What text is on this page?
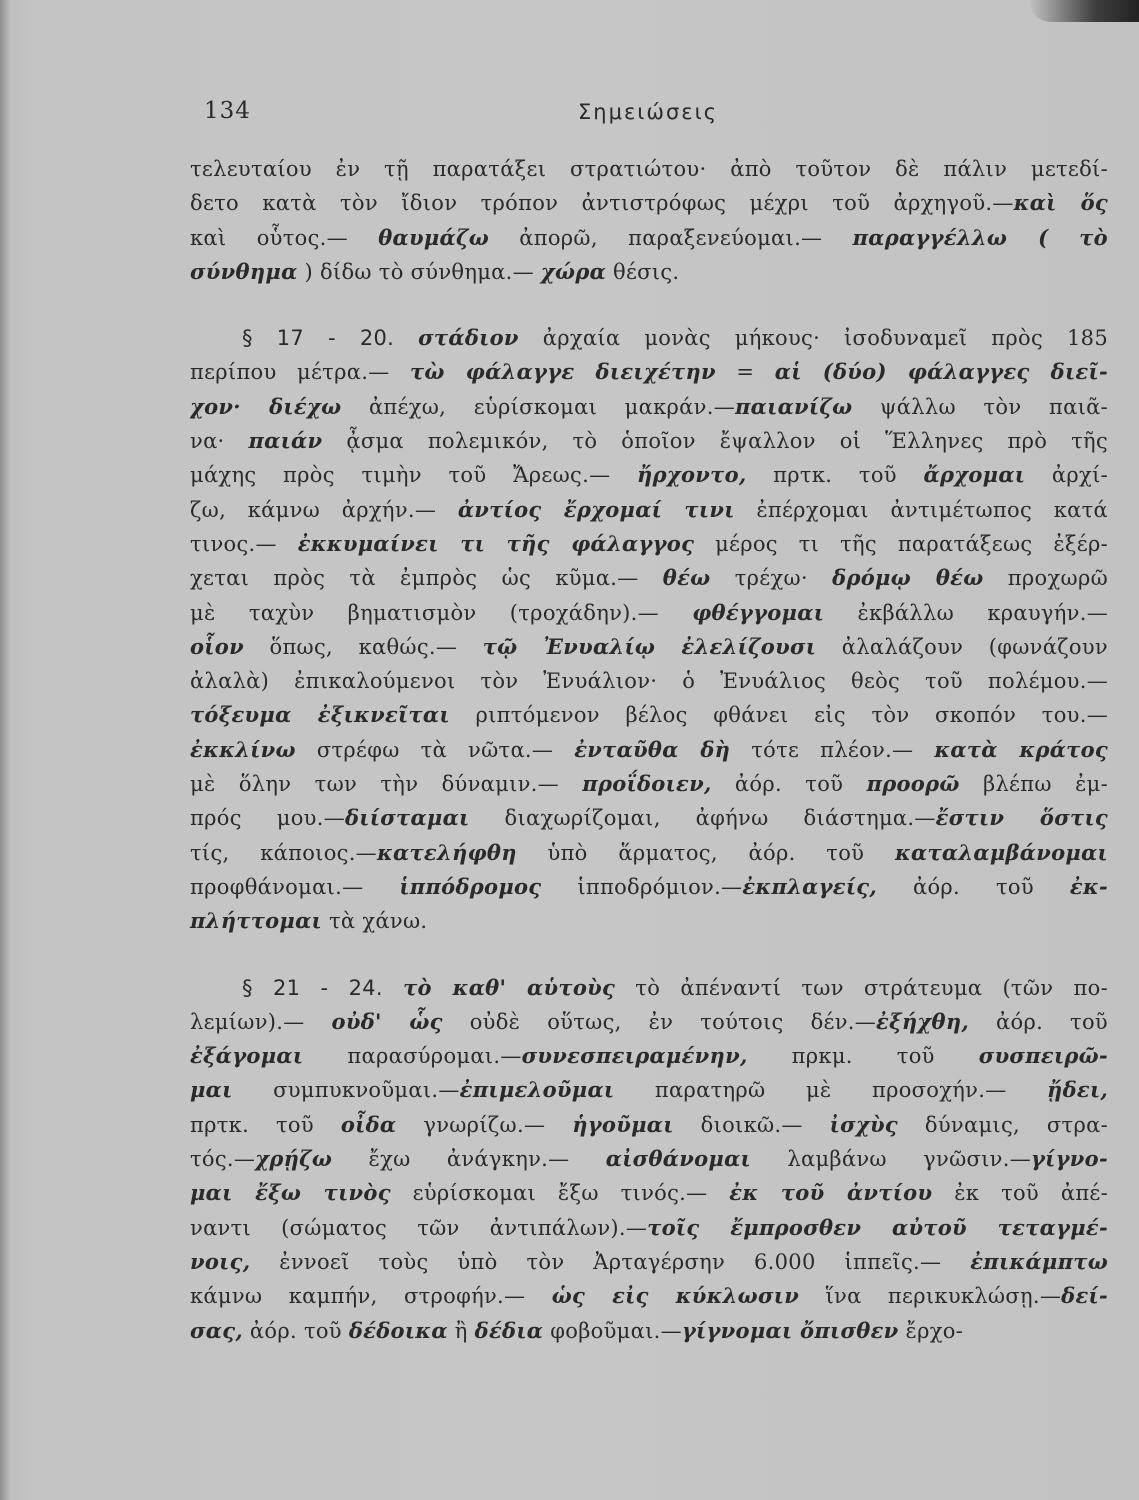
134	Σημειώσεις
τελευταίου ἐν τῇ παρατάξει στρατιώτου· ἀπὸ τοῦτον δὲ πάλιν μετεδί-
δετο κατὰ τὸν ἴδιον τρόπον ἀντιστρόφως μέχρι τοῦ ἀρχηγοῦ.—καὶ ὅς
καὶ οὗτος.— θαυμάζω ἀπορῶ, παραξενεύομαι.— παραγγέλλω ( τὸ
σύνθημα ) δίδω τὸ σύνθημα.— χώρα θέσις.
§ 17 - 20. στάδιον ἀρχαία μονὰς μήκους· ἰσοδυναμεῖ πρὸς 185
περίπου μέτρα.— τὼ φάλαγγε διειχέτην = αἱ (δύο) φάλαγγες διεῖ-
χον· διέχω ἀπέχω, εὑρίσκομαι μακράν.—παιανίζω ψάλλω τὸν παιᾶ-
να· παιάν ᾆσμα πολεμικόν, τὸ ὁποῖον ἔψαλλον οἱ Ἕλληνες πρὸ τῆς
μάχης πρὸς τιμὴν τοῦ Ἄρεως.— ἤρχοντο, πρτκ. τοῦ ἄρχομαι ἀρχί-
ζω, κάμνω ἀρχήν.— ἀντίος ἔρχομαί τινι ἐπέρχομαι ἀντιμέτωπος κατά
τινος.— ἐκκυμαίνει τι τῆς φάλαγγος μέρος τι τῆς παρατάξεως ἐξέρ-
χεται πρὸς τὰ ἐμπρὸς ὡς κῦμα.— θέω τρέχω· δρόμῳ θέω προχωρῶ
μὲ ταχὺν βηματισμὸν (τροχάδην).— φθέγγομαι ἐκβάλλω κραυγήν.—
οἷον ὅπως, καθώς.— τῷ Ἐνυαλίῳ ἐλελίζουσι ἀλαλάζουν (φωνάζουν
ἀλαλὰ) ἐπικαλούμενοι τὸν Ἐνυάλιον· ὁ Ἐνυάλιος θεὸς τοῦ πολέμου.—
τόξευμα ἐξικνεῖται ριπτόμενον βέλος φθάνει εἰς τὸν σκοπόν του.—
ἐκκλίνω στρέφω τὰ νῶτα.— ἐνταῦθα δὴ τότε πλέον.— κατὰ κράτος
μὲ ὅλην των τὴν δύναμιν.— προΐδοιεν, ἀόρ. τοῦ προορῶ βλέπω ἐμ-
πρός μου.—διίσταμαι διαχωρίζομαι, ἀφήνω διάστημα.—ἔστιν ὅστις
τίς, κάποιος.—κατελήφθη ὑπὸ ἅρματος, ἀόρ. τοῦ καταλαμβάνομαι
προφθάνομαι.— ἱππόδρομος ἱπποδρόμιον.—ἐκπλαγείς, ἀόρ. τοῦ ἐκ-
πλήττομαι τὰ χάνω.
§ 21 - 24. τὸ καθ' αὑτοὺς τὸ ἀπέναντί των στράτευμα (τῶν πο-
λεμίων).— οὐδ' ὧς οὐδὲ οὕτως, ἐν τούτοις δέν.—ἐξήχθη, ἀόρ. τοῦ
ἐξάγομαι παρασύρομαι.—συνεσπειραμένην, πρκμ. τοῦ συσπειρῶ-
μαι συμπυκνοῦμαι.—ἐπιμελοῦμαι παρατηρῶ μὲ προσοχήν.— ᾔδει,
πρτκ. τοῦ οἶδα γνωρίζω.— ἡγοῦμαι διοικῶ.— ἰσχὺς δύναμις, στρα-
τός.—χρῄζω ἔχω ἀνάγκην.— αἰσθάνομαι λαμβάνω γνῶσιν.—γίγνο-
μαι ἔξω τινὸς εὑρίσκομαι ἔξω τινός.— ἐκ τοῦ ἀντίου ἐκ τοῦ ἀπέ-
ναντι (σώματος τῶν ἀντιπάλων).—τοῖς ἔμπροσθεν αὐτοῦ τεταγμέ-
νοις, ἐννοεῖ τοὺς ὑπὸ τὸν Ἀρταγέρσην 6.000 ἱππεῖς.— ἐπικάμπτω
κάμνω καμπήν, στροφήν.— ὡς εἰς κύκλωσιν ἵνα περικυκλώσῃ.—δεί-
σας, ἀόρ. τοῦ δέδοικα ἢ δέδια φοβοῦμαι.—γίγνομαι ὄπισθεν ἔρχο-
